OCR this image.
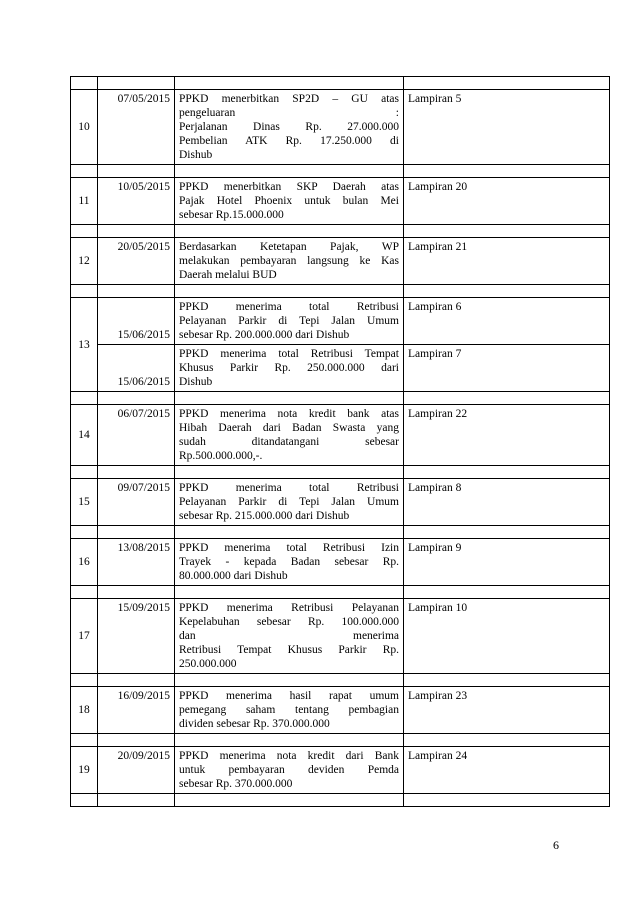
10	07/05/2015	PPKD menerbitkan SP2D – GU atas
pengeluaran :
Perjalanan Dinas Rp. 27.000.000
Pembelian ATK Rp. 17.250.000 di
Dishub	Lampiran 5

11	10/05/2015	PPKD menerbitkan SKP Daerah atas
Pajak Hotel Phoenix untuk bulan Mei
sebesar Rp.15.000.000	Lampiran 20

12	20/05/2015	Berdasarkan Ketetapan Pajak, WP
melakukan pembayaran langsung ke Kas
Daerah melalui BUD	Lampiran 21

13	15/06/2015	PPKD menerima total Retribusi
Pelayanan Parkir di Tepi Jalan Umum
sebesar Rp. 200.000.000 dari Dishub	Lampiran 6
	15/06/2015	PPKD menerima total Retribusi Tempat
Khusus Parkir Rp. 250.000.000 dari
Dishub	Lampiran 7

14	06/07/2015	PPKD menerima nota kredit bank atas
Hibah Daerah dari Badan Swasta yang
sudah ditandatangani sebesar
Rp.500.000.000,-.	Lampiran 22

15	09/07/2015	PPKD menerima total Retribusi
Pelayanan Parkir di Tepi Jalan Umum
sebesar Rp. 215.000.000 dari Dishub	Lampiran 8

16	13/08/2015	PPKD menerima total Retribusi Izin
Trayek - kepada Badan sebesar Rp.
80.000.000 dari Dishub	Lampiran 9

17	15/09/2015	PPKD menerima Retribusi Pelayanan
Kepelabuhan sebesar Rp. 100.000.000
dan menerima
Retribusi Tempat Khusus Parkir Rp.
250.000.000	Lampiran 10

18	16/09/2015	PPKD menerima hasil rapat umum
pemegang saham tentang pembagian
dividen sebesar Rp. 370.000.000	Lampiran 23

19	20/09/2015	PPKD menerima nota kredit dari Bank
untuk pembayaran deviden Pemda
sebesar Rp. 370.000.000	Lampiran 24

6
